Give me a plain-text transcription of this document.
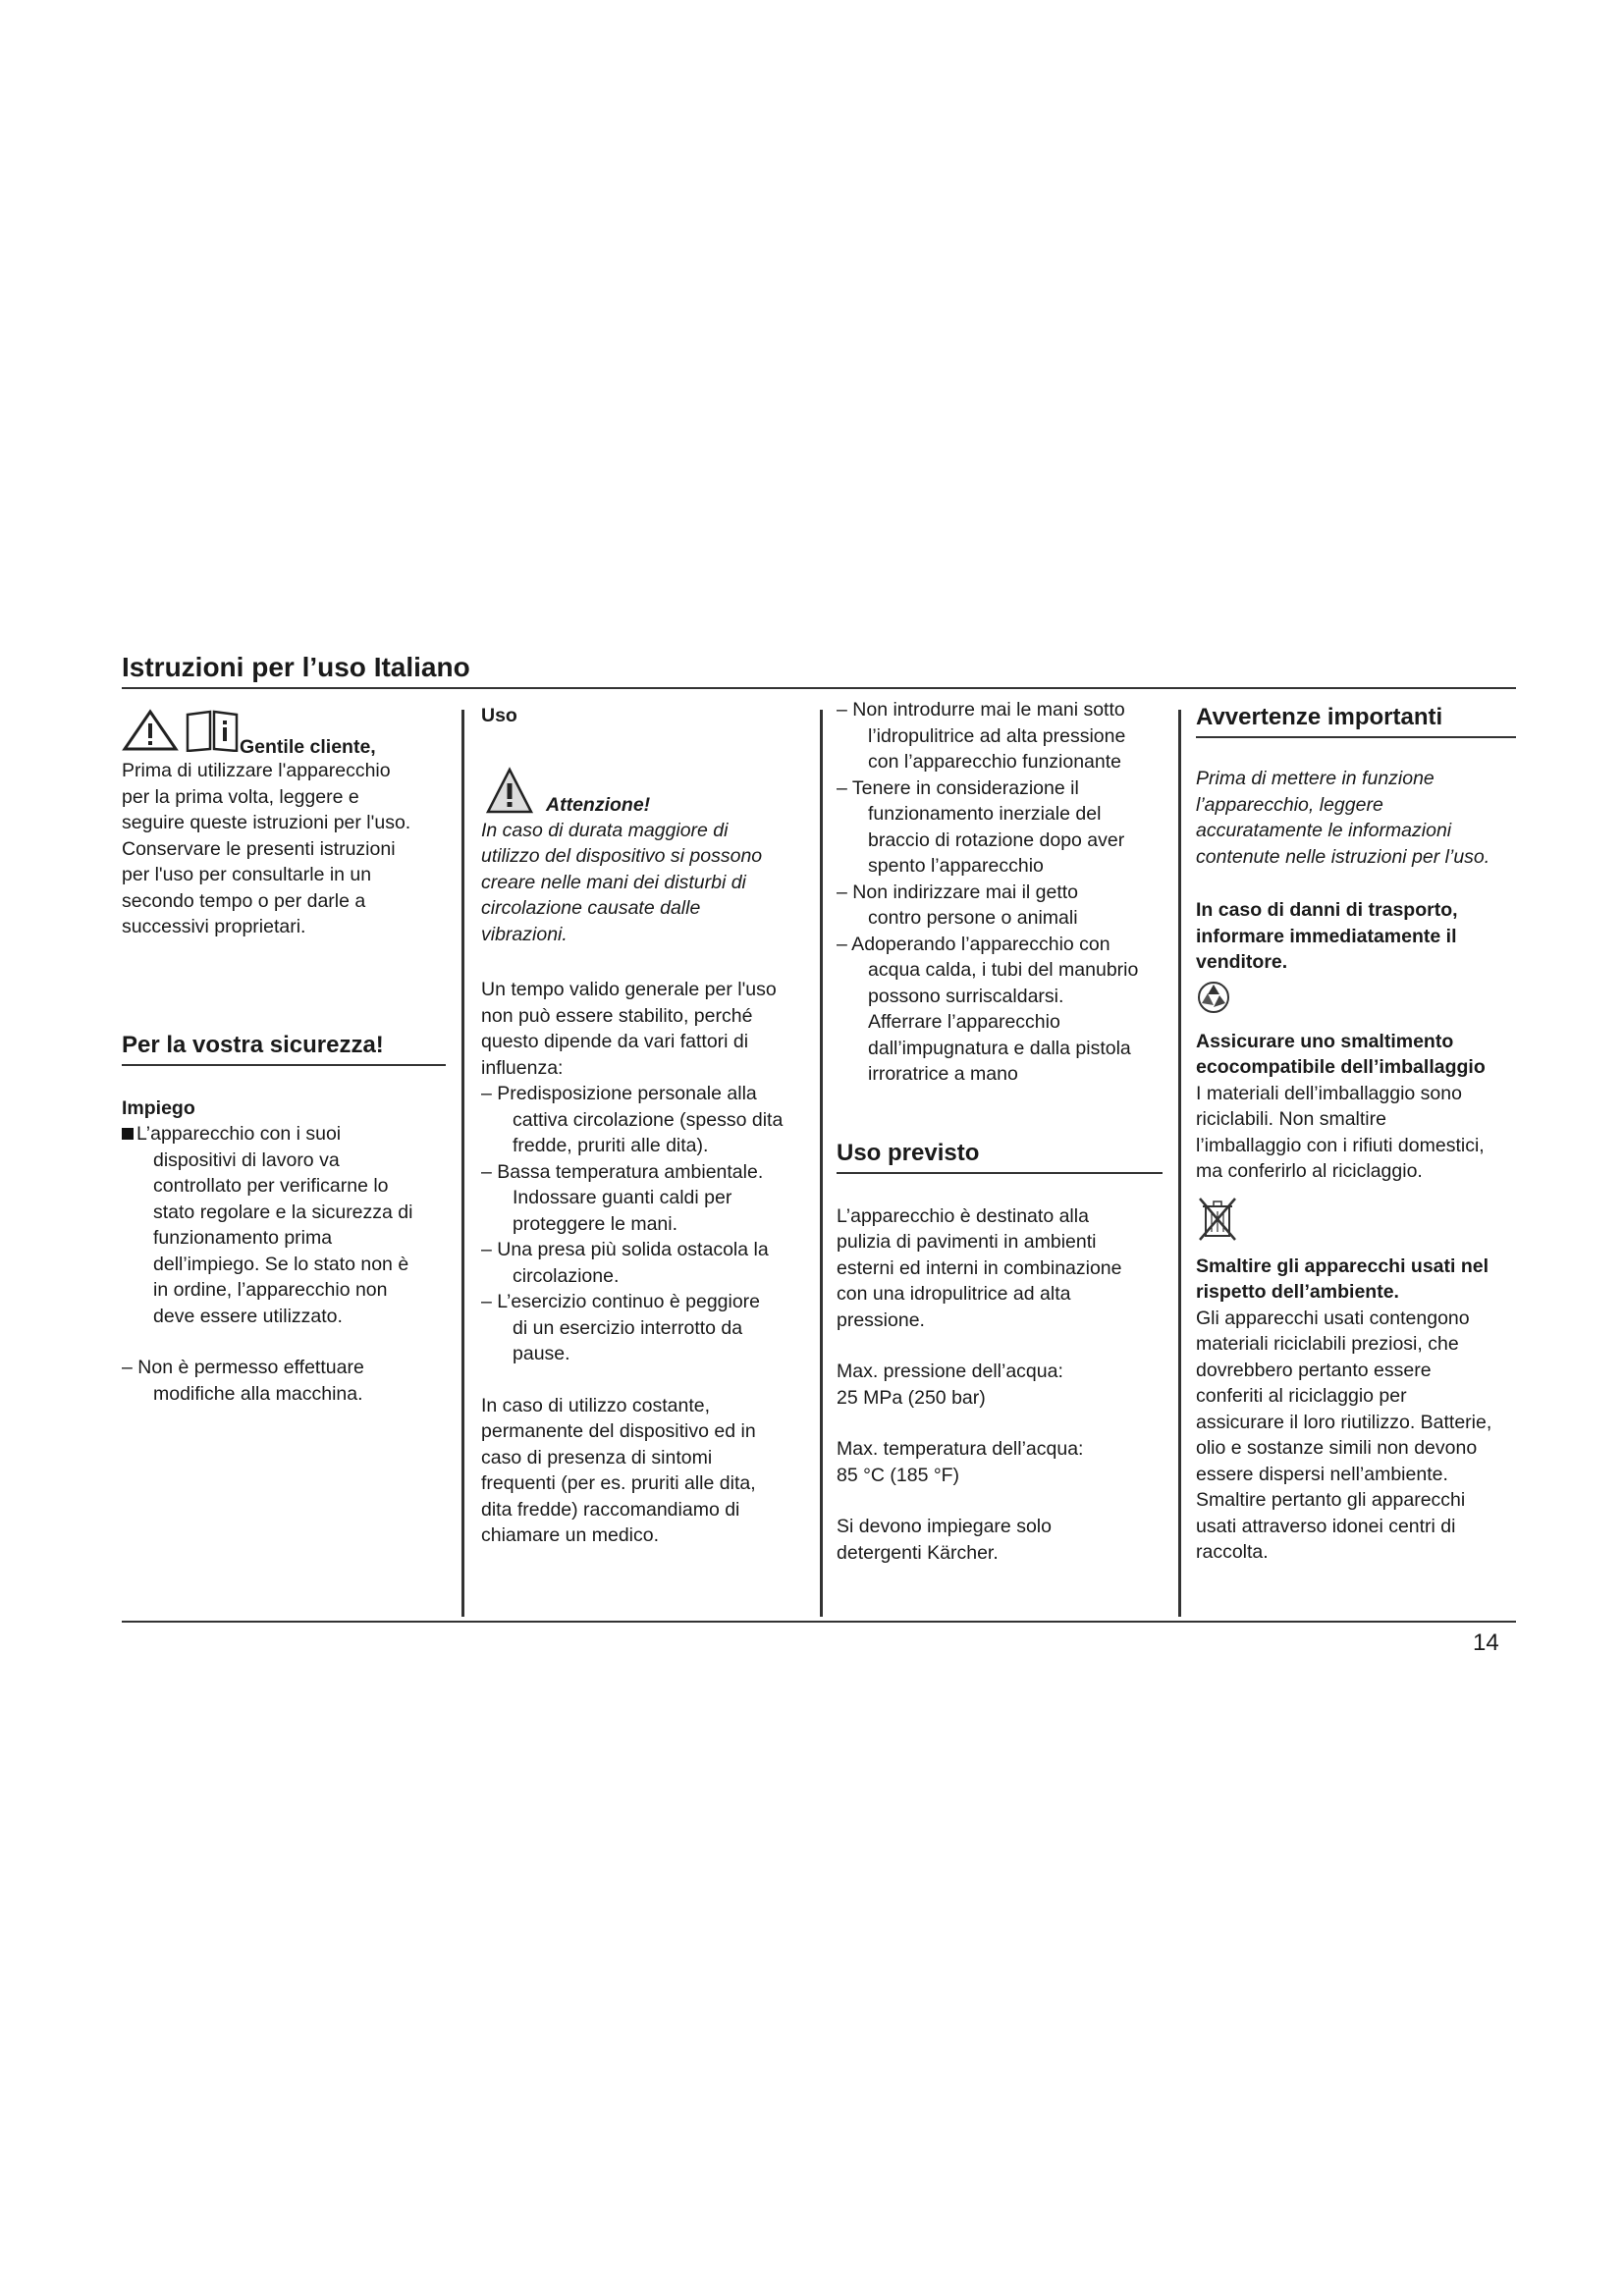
Istruzioni per l’uso Italiano

Gentile cliente,

Prima di utilizzare l'apparecchio

per la prima volta, leggere e

seguire queste istruzioni per l'uso.

Conservare le presenti istruzioni

per l'uso per consultarle in un

secondo tempo o per darle a

successivi proprietari.

Per la vostra sicurezza!

Impiego

L’apparecchio con i suoi

dispositivi di lavoro va

controllato per verificarne lo

stato regolare e la sicurezza di

funzionamento prima

dell’impiego. Se lo stato non è

in ordine, l’apparecchio non

deve essere utilizzato.

– Non è permesso effettuare

modifiche alla macchina.

Uso

Attenzione!

In caso di durata maggiore di

utilizzo del dispositivo si possono

creare nelle mani dei disturbi di

circolazione causate dalle

vibrazioni.

Un tempo valido generale per l'uso

non può essere stabilito, perché

questo dipende da vari fattori di

influenza:

– Predisposizione personale alla

cattiva circolazione (spesso dita

fredde, pruriti alle dita).

– Bassa temperatura ambientale.

Indossare guanti caldi per

proteggere le mani.

– Una presa più solida ostacola la

circolazione.

– L’esercizio continuo è peggiore

di un esercizio interrotto da

pause.

In caso di utilizzo costante,

permanente del dispositivo ed in

caso di presenza di sintomi

frequenti (per es. pruriti alle dita,

dita fredde) raccomandiamo di

chiamare un medico.

– Non introdurre mai le mani sotto

l’idropulitrice ad alta pressione

con l’apparecchio funzionante

– Tenere in considerazione il

funzionamento inerziale del

braccio di rotazione dopo aver

spento l’apparecchio

– Non indirizzare mai il getto

contro persone o animali

– Adoperando l’apparecchio con

acqua calda, i tubi del manubrio

possono surriscaldarsi.

Afferrare l’apparecchio

dall’impugnatura e dalla pistola

irroratrice a mano

Uso previsto

L’apparecchio è destinato alla

pulizia di pavimenti in ambienti

esterni ed interni in combinazione

con una idropulitrice ad alta

pressione.

Max. pressione dell’acqua:

25 MPa (250 bar)

Max. temperatura dell’acqua:

85 °C (185 °F)

Si devono impiegare solo

detergenti Kärcher.

Avvertenze importanti

Prima di mettere in funzione

l’apparecchio, leggere

accuratamente le informazioni

contenute nelle istruzioni per l’uso.

In caso di danni di trasporto,

informare immediatamente il

venditore.

Assicurare uno smaltimento

ecocompatibile dell’imballaggio

I materiali dell’imballaggio sono

riciclabili. Non smaltire

l’imballaggio con i rifiuti domestici,

ma conferirlo al riciclaggio.

Smaltire gli apparecchi usati nel

rispetto dell’ambiente.

Gli apparecchi usati contengono

materiali riciclabili preziosi, che

dovrebbero pertanto essere

conferiti al riciclaggio per

assicurare il loro riutilizzo. Batterie,

olio e sostanze simili non devono

essere dispersi nell’ambiente.

Smaltire pertanto gli apparecchi

usati attraverso idonei centri di

raccolta.

14
